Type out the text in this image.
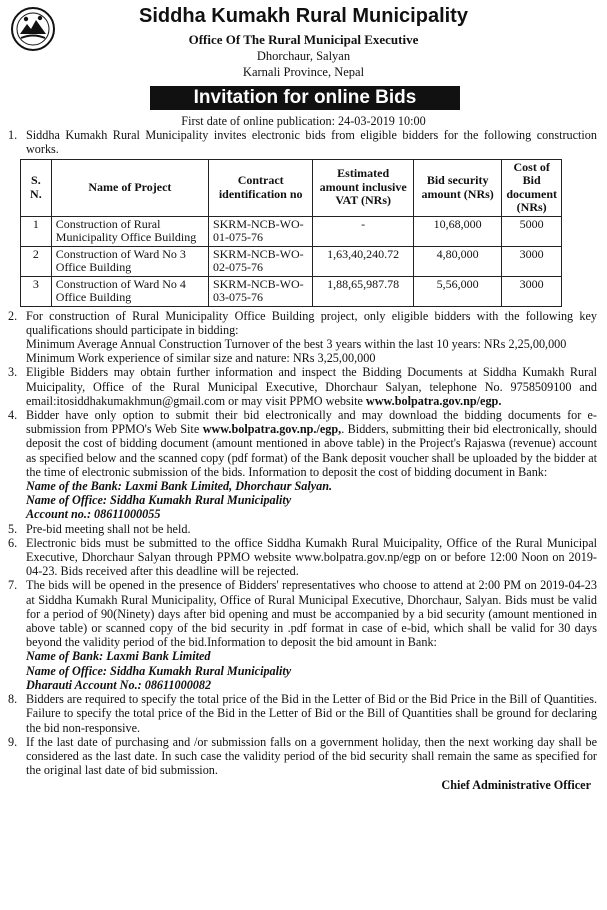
Siddha Kumakh Rural Municipality
Office Of The Rural Municipal Executive
Dhorchaur, Salyan
Karnali Province, Nepal
Invitation for online Bids
First date of online publication: 24-03-2019 10:00
1. Siddha Kumakh Rural Municipality invites electronic bids from eligible bidders for the following construction works.
S. N.	Name of Project	Contract identification no	Estimated amount inclusive VAT (NRs)	Bid security amount (NRs)	Cost of Bid document (NRs)
1	Construction of Rural Municipality Office Building	SKRM-NCB-WO-01-075-76	-	10,68,000	5000
2	Construction of Ward No 3 Office Building	SKRM-NCB-WO-02-075-76	1,63,40,240.72	4,80,000	3000
3	Construction of Ward No 4 Office Building	SKRM-NCB-WO-03-075-76	1,88,65,987.78	5,56,000	3000
2. For construction of Rural Municipality Office Building project, only eligible bidders with the following key qualifications should participate in bidding:
Minimum Average Annual Construction Turnover of the best 3 years within the last 10 years: NRs 2,25,00,000
Minimum Work experience of similar size and nature: NRs 3,25,00,000
3. Eligible Bidders may obtain further information and inspect the Bidding Documents at Siddha Kumakh Rural Muicipality, Office of the Rural Municipal Executive, Dhorchaur Salyan, telephone No. 9758509100 and email:itosiddhakumakhmun@gmail.com or may visit PPMO website www.bolpatra.gov.np/egp.
4. Bidder have only option to submit their bid electronically and may download the bidding documents for e-submission from PPMO's Web Site www.bolpatra.gov.np./egp,. Bidders, submitting their bid electronically, should deposit the cost of bidding document (amount mentioned in above table) in the Project's Rajaswa (revenue) account as specified below and the scanned copy (pdf format) of the Bank deposit voucher shall be uploaded by the bidder at the time of electronic submission of the bids. Information to deposit the cost of bidding document in Bank:
Name of the Bank: Laxmi Bank Limited, Dhorchaur Salyan.
Name of Office: Siddha Kumakh Rural Municipality
Account no.: 08611000055
5. Pre-bid meeting shall not be held.
6. Electronic bids must be submitted to the office Siddha Kumakh Rural Muicipality, Office of the Rural Municipal Executive, Dhorchaur Salyan through PPMO website www.bolpatra.gov.np/egp on or before 12:00 Noon on 2019-04-23. Bids received after this deadline will be rejected.
7. The bids will be opened in the presence of Bidders' representatives who choose to attend at 2:00 PM on 2019-04-23 at Siddha Kumakh Rural Municipality, Office of Rural Municipal Executive, Dhorchaur, Salyan. Bids must be valid for a period of 90(Ninety) days after bid opening and must be accompanied by a bid security (amount mentioned in above table) or scanned copy of the bid security in .pdf format in case of e-bid, which shall be valid for 30 days beyond the validity period of the bid.Information to deposit the bid amount in Bank:
Name of Bank: Laxmi Bank Limited
Name of Office: Siddha Kumakh Rural Municipality
Dharauti Account No.: 08611000082
8. Bidders are required to specify the total price of the Bid in the Letter of Bid or the Bid Price in the Bill of Quantities. Failure to specify the total price of the Bid in the Letter of Bid or the Bill of Quantities shall be ground for declaring the bid non-responsive.
9. If the last date of purchasing and /or submission falls on a government holiday, then the next working day shall be considered as the last date. In such case the validity period of the bid security shall remain the same as specified for the original last date of bid submission.
Chief Administrative Officer
